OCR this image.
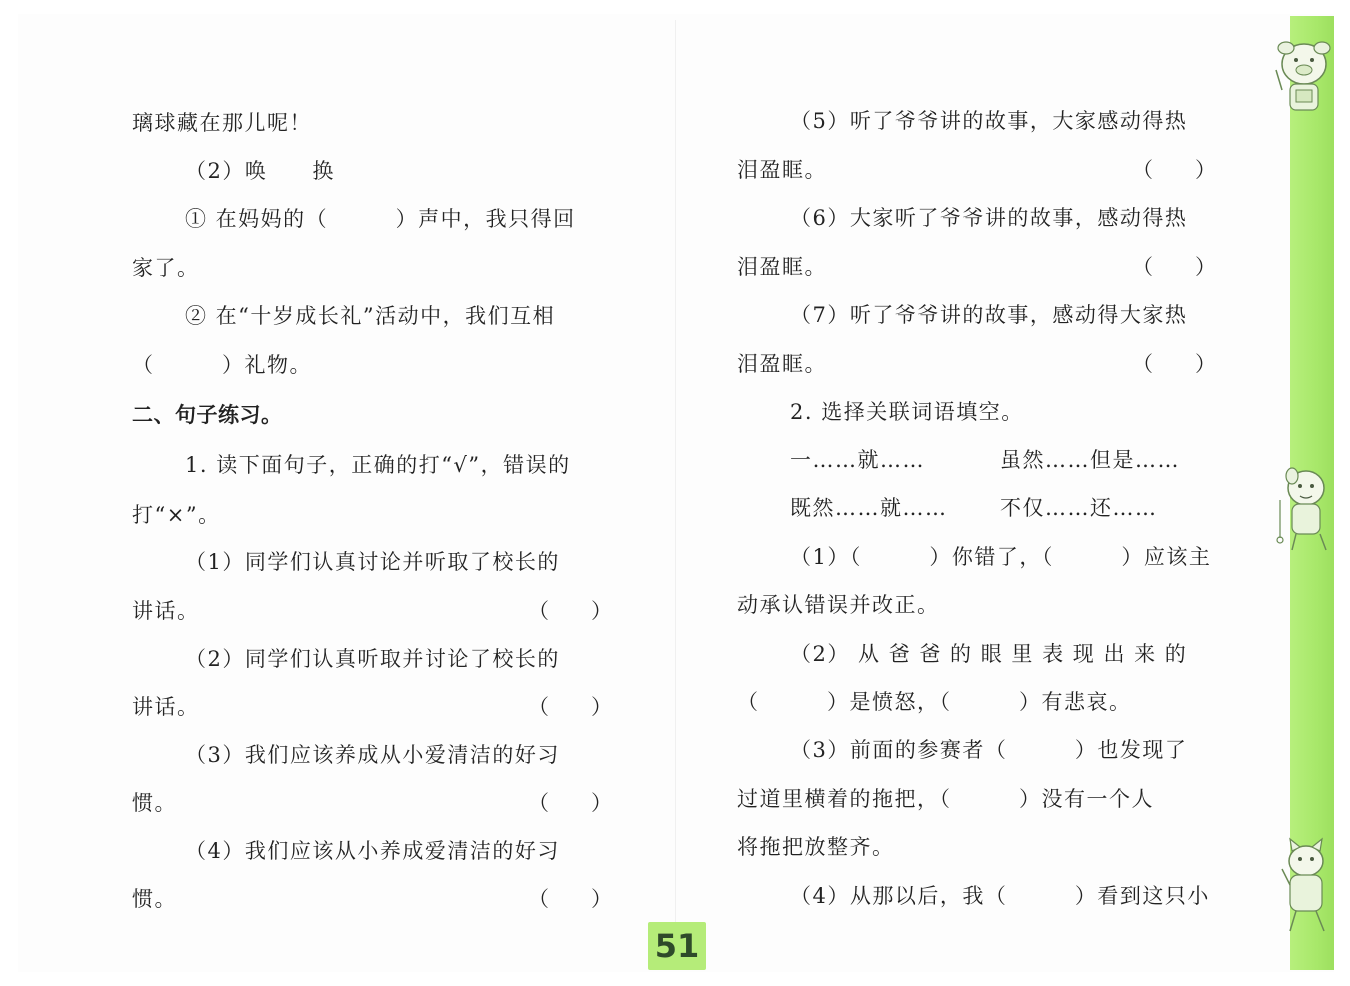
璃球藏在那儿呢！
（2）唤　　换
① 在妈妈的（　　　）声中，我只得回
家了。
② 在“十岁成长礼”活动中，我们互相
（　　　）礼物。
二、句子练习。
1. 读下面句子，正确的打“√”，错误的
打“×”。
（1）同学们认真讨论并听取了校长的
讲话。
（2）同学们认真听取并讨论了校长的
讲话。
（3）我们应该养成从小爱清洁的好习
惯。
（4）我们应该从小养成爱清洁的好习
惯。
（　　）
（　　）
（　　）
（　　）
（5）听了爷爷讲的故事，大家感动得热
泪盈眶。
（6）大家听了爷爷讲的故事，感动得热
泪盈眶。
（7）听了爷爷讲的故事，感动得大家热
泪盈眶。
2. 选择关联词语填空。
一……就……	虽然……但是……
既然……就……	不仅……还……
（1）（　　　）你错了，（　　　）应该主
动承认错误并改正。
（2） 从 爸 爸 的 眼 里 表 现 出 来 的
（　　　）是愤怒，（　　　）有悲哀。
（3）前面的参赛者（　　　）也发现了
过道里横着的拖把，（　　　）没有一个人
将拖把放整齐。
（4）从那以后，我（　　　）看到这只小
（　　）
（　　）
（　　）
51
